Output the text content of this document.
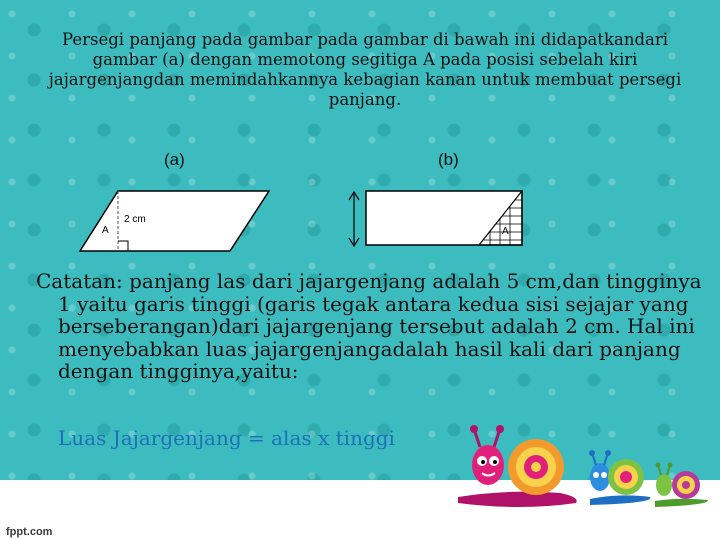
Persegi panjang pada gambar pada gambar di bawah ini didapatkandari gambar (a) dengan memotong segitiga A pada posisi sebelah kiri jajargenjangdan memindahkannya kebagian kanan untuk membuat persegi panjang.
(a)	(b)
2 cm
A	A
Catatan: panjang las dari jajargenjang adalah 5 cm,dan tingginya 1 yaitu garis tinggi (garis tegak antara kedua sisi sejajar yang berseberangan)dari jajargenjang tersebut adalah 2 cm. Hal ini menyebabkan luas jajargenjangadalah hasil kali dari panjang dengan tingginya,yaitu:
Luas Jajargenjang = alas x tinggi
fppt.com
